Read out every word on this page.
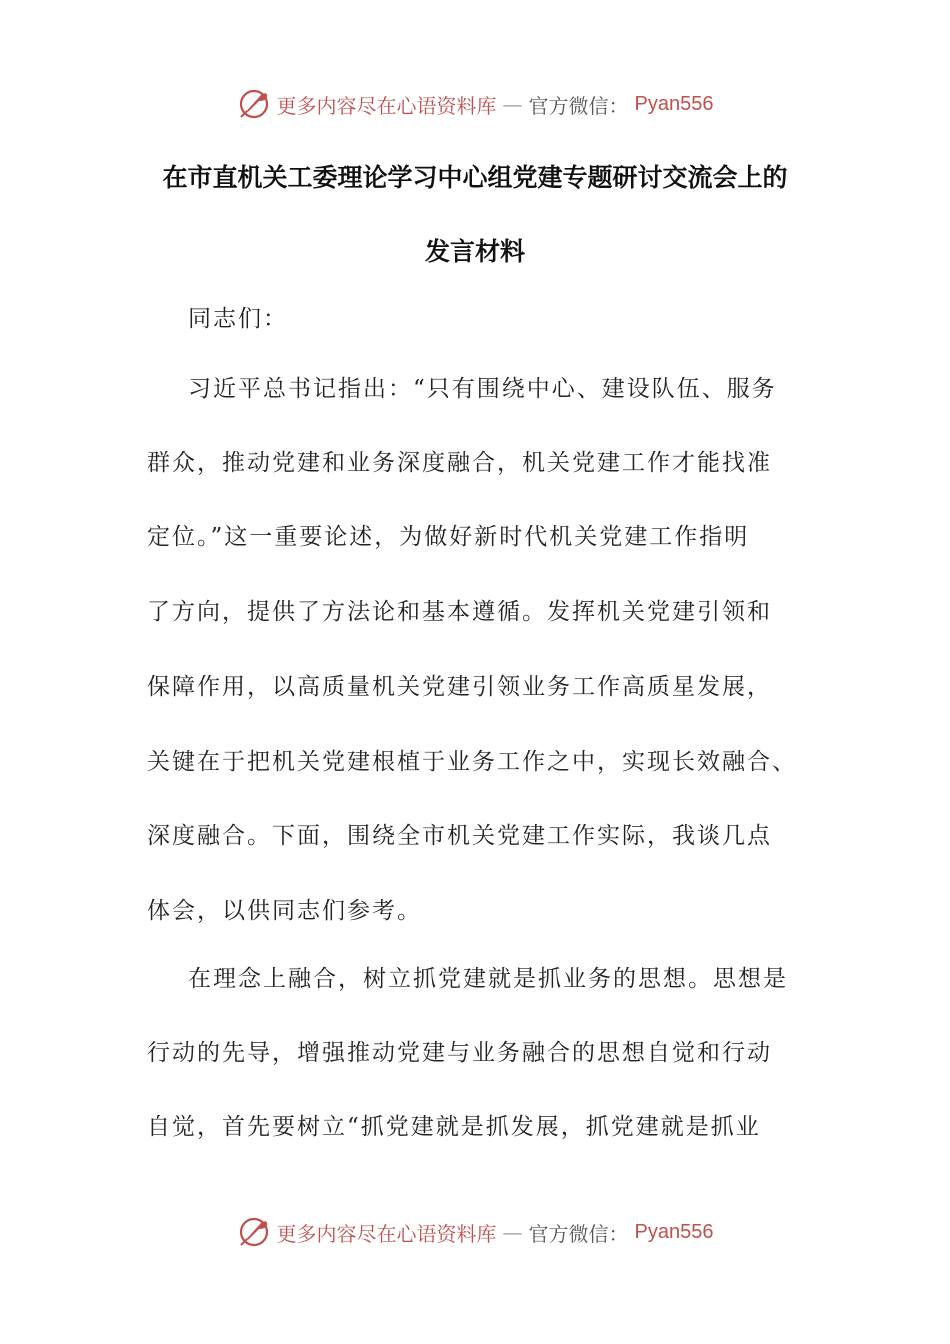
更多内容尽在心语资料库 — 官方微信： Pyan556
在市直机关工委理论学习中心组党建专题研讨交流会上的
发言材料
同志们：
习近平总书记指出：“只有围绕中心、建设队伍、服务
群众，推动党建和业务深度融合，机关党建工作才能找准
定位。”这一重要论述，为做好新时代机关党建工作指明
了方向，提供了方法论和基本遵循。发挥机关党建引领和
保障作用，以高质量机关党建引领业务工作高质星发展，
关键在于把机关党建根植于业务工作之中，实现长效融合、
深度融合。下面，围绕全市机关党建工作实际，我谈几点
体会，以供同志们参考。
在理念上融合，树立抓党建就是抓业务的思想。思想是
行动的先导，增强推动党建与业务融合的思想自觉和行动
自觉，首先要树立“抓党建就是抓发展，抓党建就是抓业
更多内容尽在心语资料库 — 官方微信： Pyan556
